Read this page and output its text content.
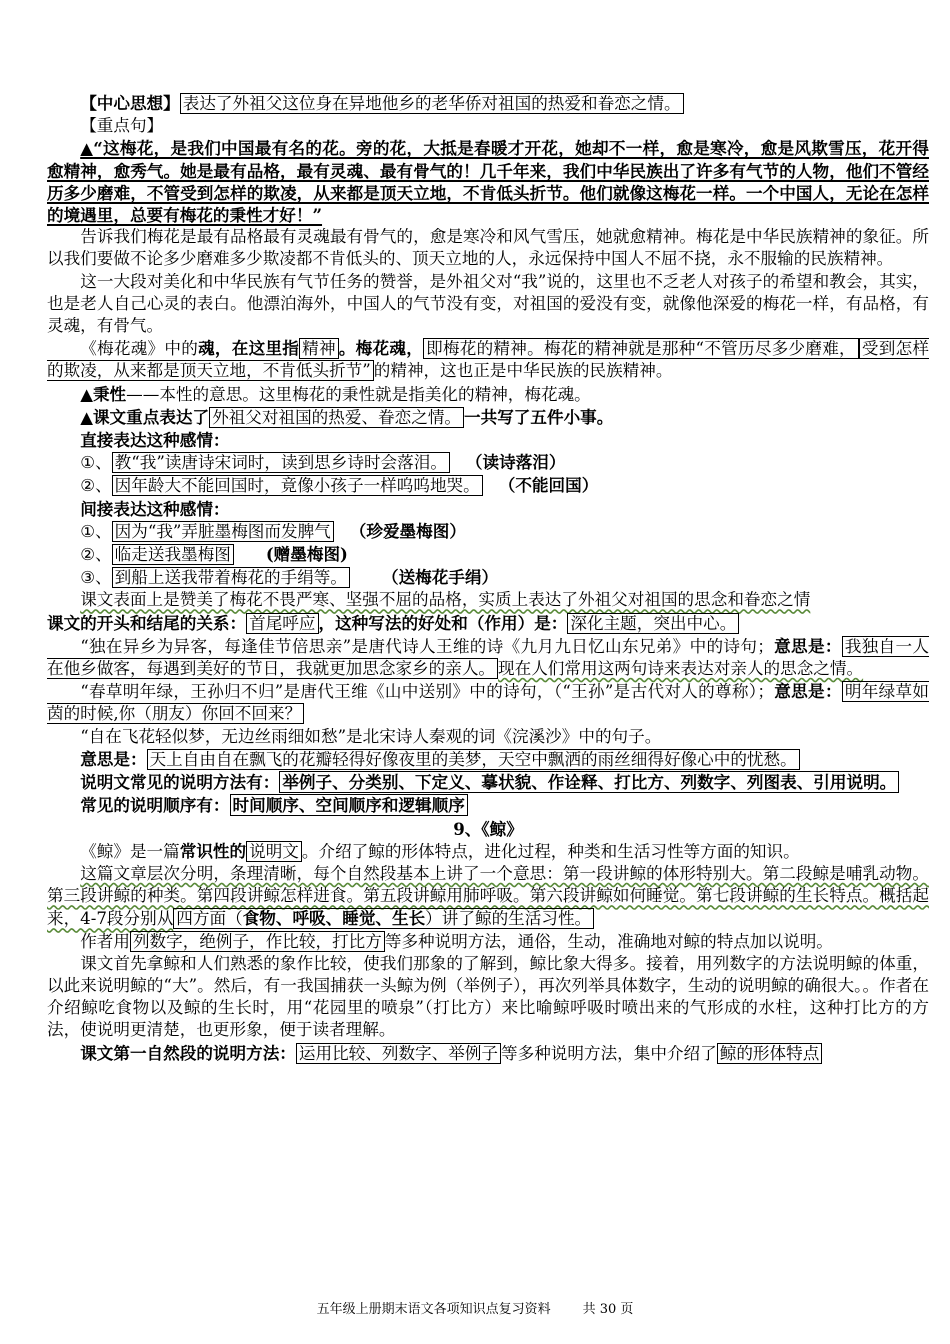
【中心思想】 表达了外祖父这位身在异地他乡的老华侨对祖国的热爱和眷恋之情。

【重点句】

▲“这梅花，是我们中国最有名的花。旁的花，大抵是春暖才开花，她却不一样，愈是寒冷，愈是风欺雪压，花开得愈精神，愈秀气。她是最有品格，最有灵魂、最有骨气的！几千年来，我们中华民族出了许多有气节的人物，他们不管经历多少磨难，不管受到怎样的欺凌，从来都是顶天立地，不肯低头折节。他们就像这梅花一样。一个中国人，无论在怎样的境遇里，总要有梅花的秉性才好！”

告诉我们梅花是最有品格最有灵魂最有骨气的，愈是寒冷和风气雪压，她就愈精神。梅花是中华民族精神的象征。所以我们要做不论多少磨难多少欺凌都不肯低头的、顶天立地的人，永远保持中国人不屈不挠，永不服输的民族精神。

这一大段对美化和中华民族有气节任务的赞誉，是外祖父对“我”说的，这里也不乏老人对孩子的希望和教会，其实，也是老人自己心灵的表白。他漂泊海外，中国人的气节没有变，对祖国的爱没有变，就像他深爱的梅花一样，有品格，有灵魂，有骨气。

《梅花魂》中的魂，在这里指 精神 。梅花魂， 即梅花的精神。梅花的精神就是那种“不管历尽多少磨难， 受到怎样的欺凌，从来都是顶天立地，不肯低头折节” 的精神，这也正是中华民族的民族精神。

▲秉性——本性的意思。这里梅花的秉性就是指美化的精神，梅花魂。

▲课文重点表达了 外祖父对祖国的热爱、眷恋之情。 一共写了五件小事。

直接表达这种感情：

①、 教“我”读唐诗宋词时，读到思乡诗时会落泪。 （读诗落泪）

②、 因年龄大不能回国时，竟像小孩子一样呜呜地哭。 （不能回国）

间接表达这种感情：

①、 因为“我”弄脏墨梅图而发脾气 （珍爱墨梅图）

②、 临走送我墨梅图 (赠墨梅图)

③、 到船上送我带着梅花的手绢等。 （送梅花手绢）

课文表面上是赞美了梅花不畏严寒、坚强不屈的品格，实质上表达了外祖父对祖国的思念和眷恋之情

课文的开头和结尾的关系： 首尾呼应 ，这种写法的好处和（作用）是： 深化主题，突出中心。

“独在异乡为异客，每逢佳节倍思亲”是唐代诗人王维的诗《九月九日忆山东兄弟》中的诗句；意思是： 我独自一人在他乡做客，每遇到美好的节日，我就更加思念家乡的亲人。 现在人们常用这两句诗来表达对亲人的思念之情。

“春草明年绿，王孙归不归”是唐代王维《山中送别》中的诗句，（“王孙”是古代对人的尊称）；意思是： 明年绿草如茵的时候,你（朋友）你回不回来？

“自在飞花轻似梦，无边丝雨细如愁”是北宋诗人秦观的词《浣溪沙》中的句子。

意思是： 天上自由自在飘飞的花瓣轻得好像夜里的美梦，天空中飘洒的雨丝细得好像心中的忧愁。

说明文常见的说明方法有： 举例子、分类别、下定义、摹状貌、作诠释、打比方、列数字、列图表、引用说明。

常见的说明顺序有： 时间顺序、空间顺序和逻辑顺序

9、《鲸》

《鲸》是一篇常识性的 说明文 。介绍了鲸的形体特点，进化过程，种类和生活习性等方面的知识。

这篇文章层次分明，条理清晰，每个自然段基本上讲了一个意思：第一段讲鲸的体形特别大。第二段鲸是哺乳动物。第三段讲鲸的种类。第四段讲鲸怎样进食。第五段讲鲸用肺呼吸。第六段讲鲸如何睡觉。第七段讲鲸的生长特点。概括起来，4-7段分别从 四方面（食物、呼吸、睡觉、生长）讲了鲸的生活习性。

作者用 列数字，绝例子，作比较，打比方 等多种说明方法，通俗，生动，准确地对鲸的特点加以说明。

课文首先拿鲸和人们熟悉的象作比较，使我们那象的了解到，鲸比象大得多。接着，用列数字的方法说明鲸的体重，以此来说明鲸的“大”。然后，有一我国捕获一头鲸为例（举例子），再次列举具体数字，生动的说明鲸的确很大。。作者在介绍鲸吃食物以及鲸的生长时，用“花园里的喷泉”（打比方）来比喻鲸呼吸时喷出来的气形成的水柱，这种打比方的方法，使说明更清楚，也更形象，便于读者理解。

课文第一自然段的说明方法： 运用比较、列数字、举例子 等多种说明方法，集中介绍了 鲸的形体特点

五年级上册期末语文各项知识点复习资料 共 30 页
